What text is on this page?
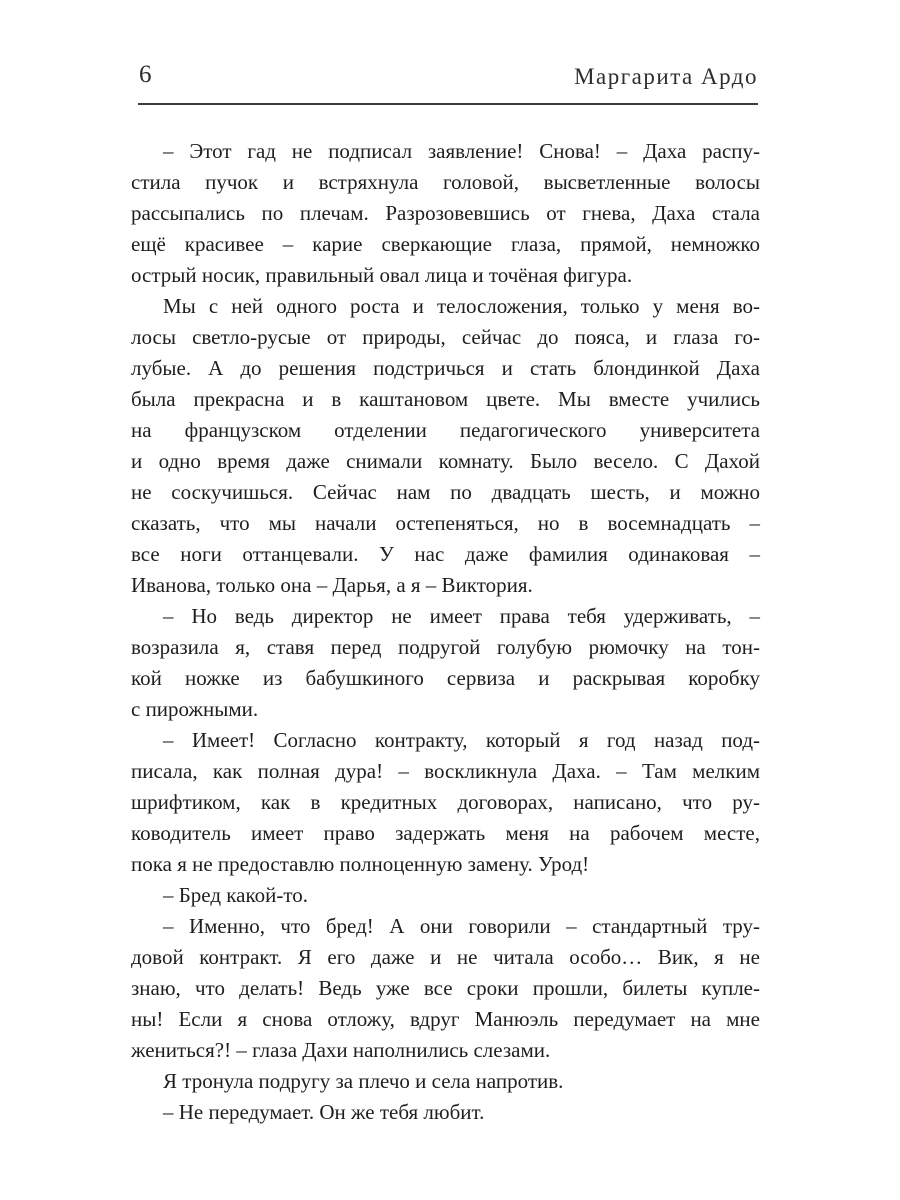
6	Маргарита Ардо
– Этот гад не подписал заявление! Снова! – Даха распу-
стила пучок и встряхнула головой, высветленные волосы
рассыпались по плечам. Разрозовевшись от гнева, Даха стала
ещё красивее – карие сверкающие глаза, прямой, немножко
острый носик, правильный овал лица и точёная фигура.
Мы с ней одного роста и телосложения, только у меня во-
лосы светло-русые от природы, сейчас до пояса, и глаза го-
лубые. А до решения подстричься и стать блондинкой Даха
была прекрасна и в каштановом цвете. Мы вместе учились
на французском отделении педагогического университета
и одно время даже снимали комнату. Было весело. С Дахой
не соскучишься. Сейчас нам по двадцать шесть, и можно
сказать, что мы начали остепеняться, но в восемнадцать –
все ноги оттанцевали. У нас даже фамилия одинаковая –
Иванова, только она – Дарья, а я – Виктория.
– Но ведь директор не имеет права тебя удерживать, –
возразила я, ставя перед подругой голубую рюмочку на тон-
кой ножке из бабушкиного сервиза и раскрывая коробку
с пирожными.
– Имеет! Согласно контракту, который я год назад под-
писала, как полная дура! – воскликнула Даха. – Там мелким
шрифтиком, как в кредитных договорах, написано, что ру-
ководитель имеет право задержать меня на рабочем месте,
пока я не предоставлю полноценную замену. Урод!
– Бред какой-то.
– Именно, что бред! А они говорили – стандартный тру-
довой контракт. Я его даже и не читала особо… Вик, я не
знаю, что делать! Ведь уже все сроки прошли, билеты купле-
ны! Если я снова отложу, вдруг Манюэль передумает на мне
жениться?! – глаза Дахи наполнились слезами.
Я тронула подругу за плечо и села напротив.
– Не передумает. Он же тебя любит.
